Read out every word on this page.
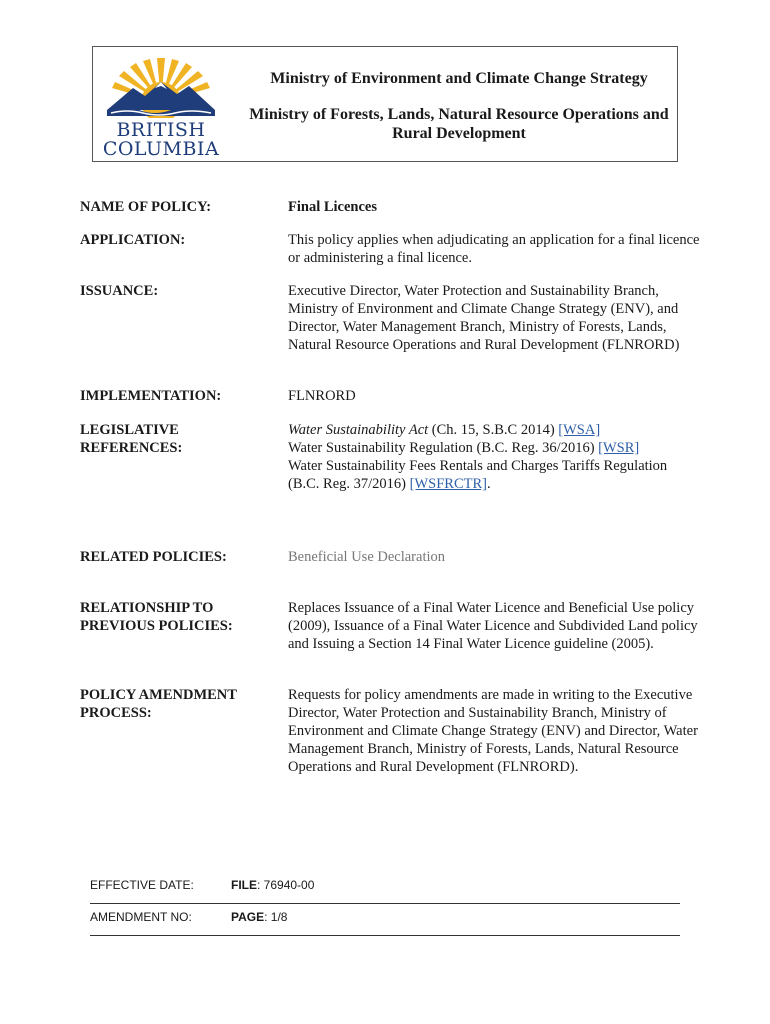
BRITISH
COLUMBIA
Ministry of Environment and Climate Change Strategy
Ministry of Forests, Lands, Natural Resource Operations and Rural Development
NAME OF POLICY:	Final Licences
APPLICATION:	This policy applies when adjudicating an application for a final licence or administering a final licence.
ISSUANCE:	Executive Director, Water Protection and Sustainability Branch, Ministry of Environment and Climate Change Strategy (ENV), and Director, Water Management Branch, Ministry of Forests, Lands, Natural Resource Operations and Rural Development (FLNRORD)
IMPLEMENTATION:	FLNRORD
LEGISLATIVE REFERENCES:
Water Sustainability Act (Ch. 15, S.B.C 2014) [WSA]
Water Sustainability Regulation (B.C. Reg. 36/2016) [WSR]
Water Sustainability Fees Rentals and Charges Tariffs Regulation (B.C. Reg. 37/2016) [WSFRCTR].
RELATED POLICIES:	Beneficial Use Declaration
RELATIONSHIP TO PREVIOUS POLICIES:
Replaces Issuance of a Final Water Licence and Beneficial Use policy (2009), Issuance of a Final Water Licence and Subdivided Land policy and Issuing a Section 14 Final Water Licence guideline (2005).
POLICY AMENDMENT PROCESS:
Requests for policy amendments are made in writing to the Executive Director, Water Protection and Sustainability Branch, Ministry of Environment and Climate Change Strategy (ENV) and Director, Water Management Branch, Ministry of Forests, Lands, Natural Resource Operations and Rural Development (FLNRORD).
EFFECTIVE DATE:	FILE: 76940-00
AMENDMENT NO:	PAGE: 1/8
